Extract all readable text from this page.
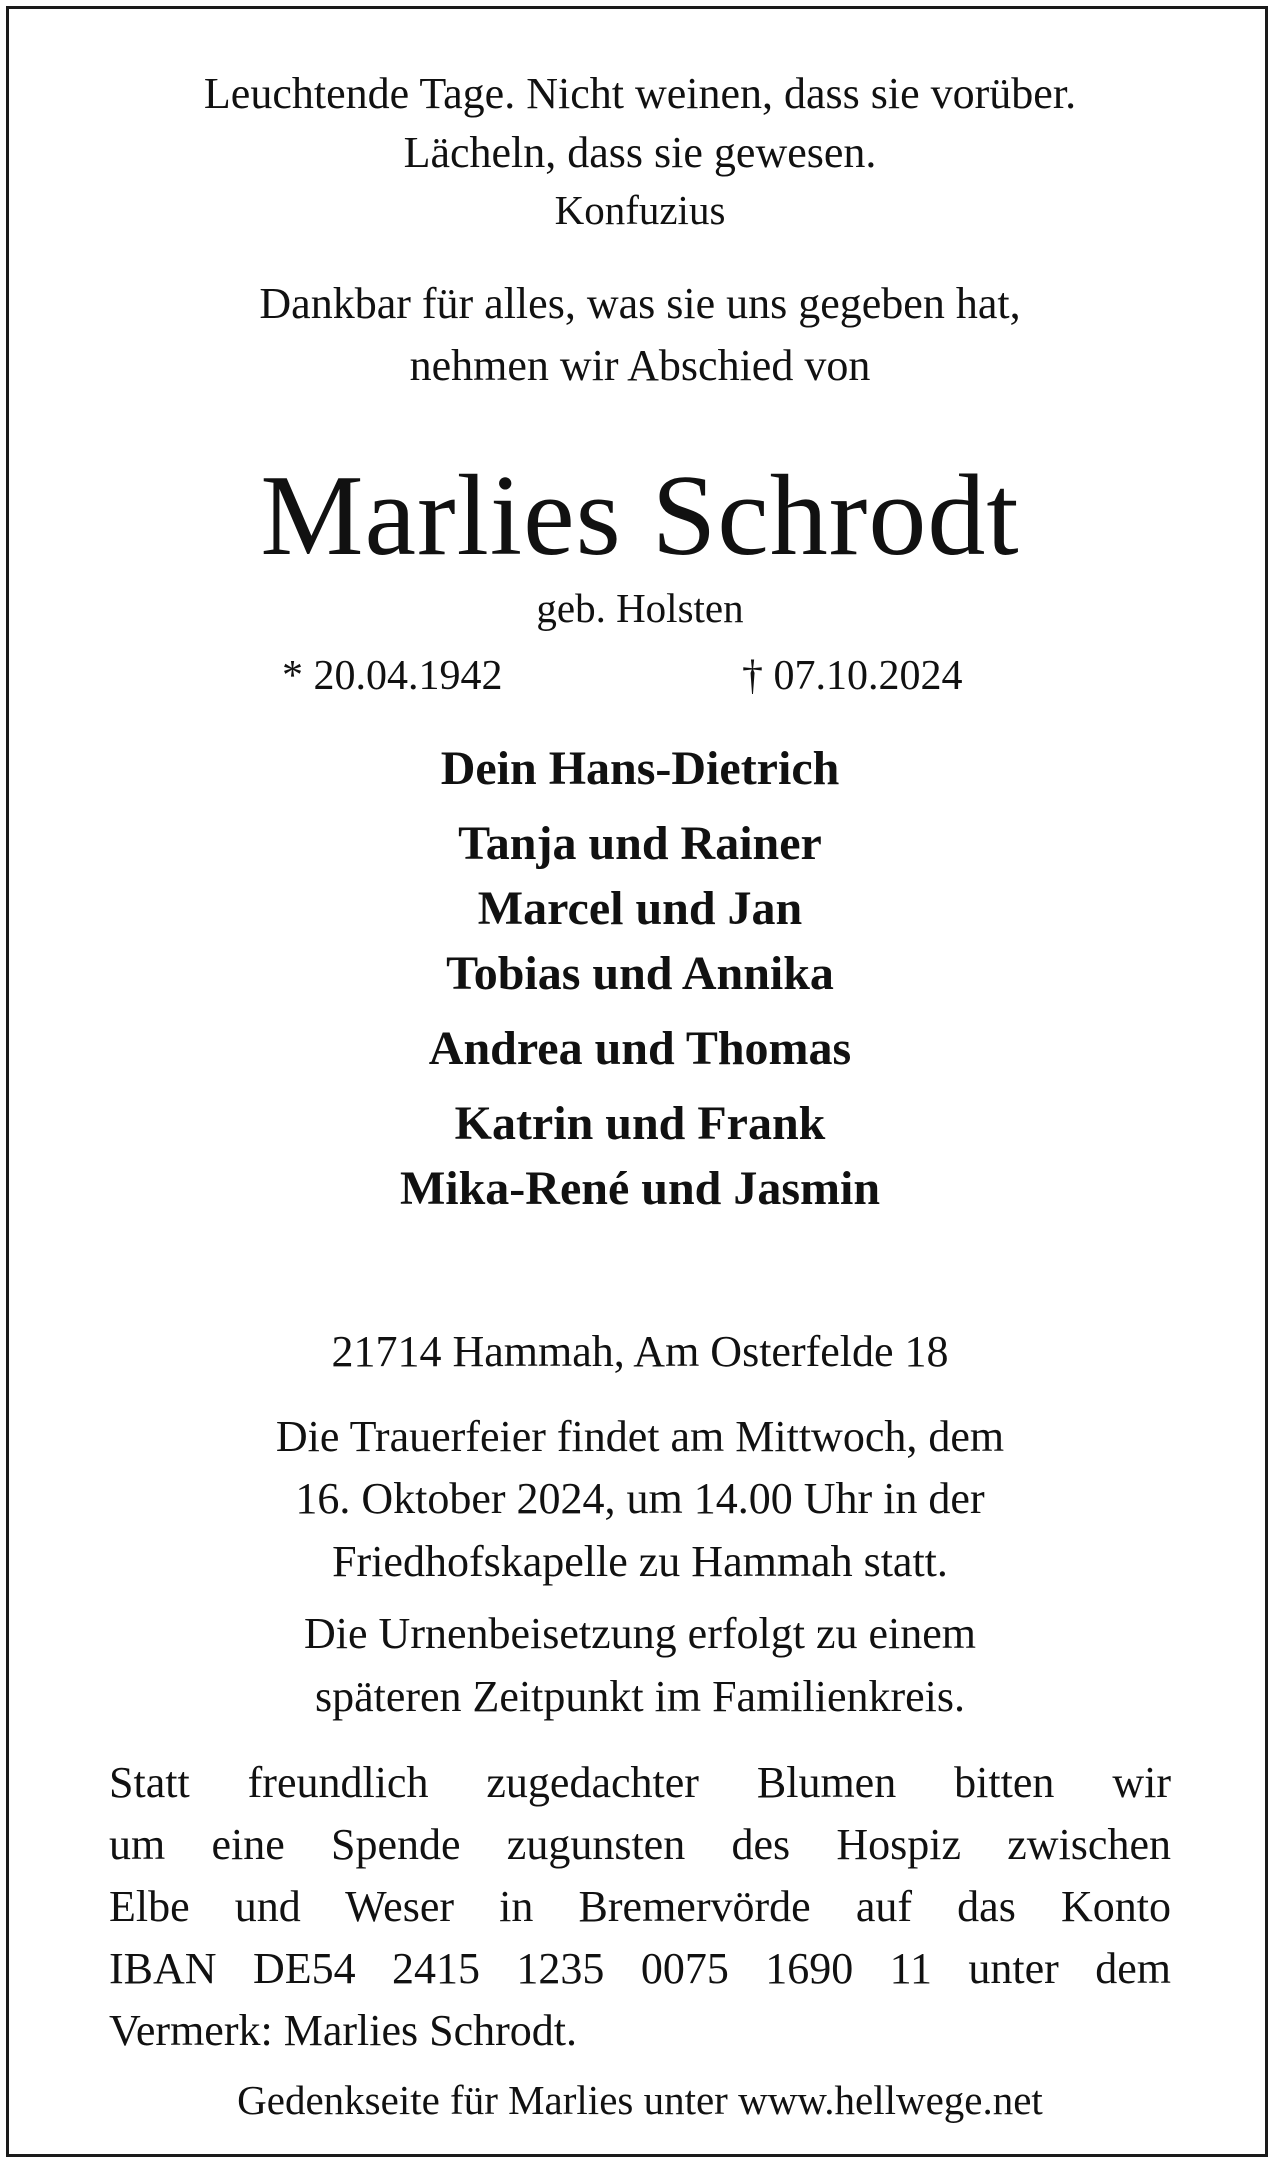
Leuchtende Tage. Nicht weinen, dass sie vorüber.
Lächeln, dass sie gewesen.
Konfuzius
Dankbar für alles, was sie uns gegeben hat,
nehmen wir Abschied von
Marlies Schrodt
geb. Holsten
* 20.04.1942	† 07.10.2024
Dein Hans-Dietrich
Tanja und Rainer
Marcel und Jan
Tobias und Annika
Andrea und Thomas
Katrin und Frank
Mika-René und Jasmin
21714 Hammah, Am Osterfelde 18
Die Trauerfeier findet am Mittwoch, dem
16. Oktober 2024, um 14.00 Uhr in der
Friedhofskapelle zu Hammah statt.
Die Urnenbeisetzung erfolgt zu einem
späteren Zeitpunkt im Familienkreis.
Statt freundlich zugedachter Blumen bitten wir
um eine Spende zugunsten des Hospiz zwischen
Elbe und Weser in Bremervörde auf das Konto
IBAN DE54 2415 1235 0075 1690 11 unter dem
Vermerk: Marlies Schrodt.
Gedenkseite für Marlies unter www.hellwege.net
